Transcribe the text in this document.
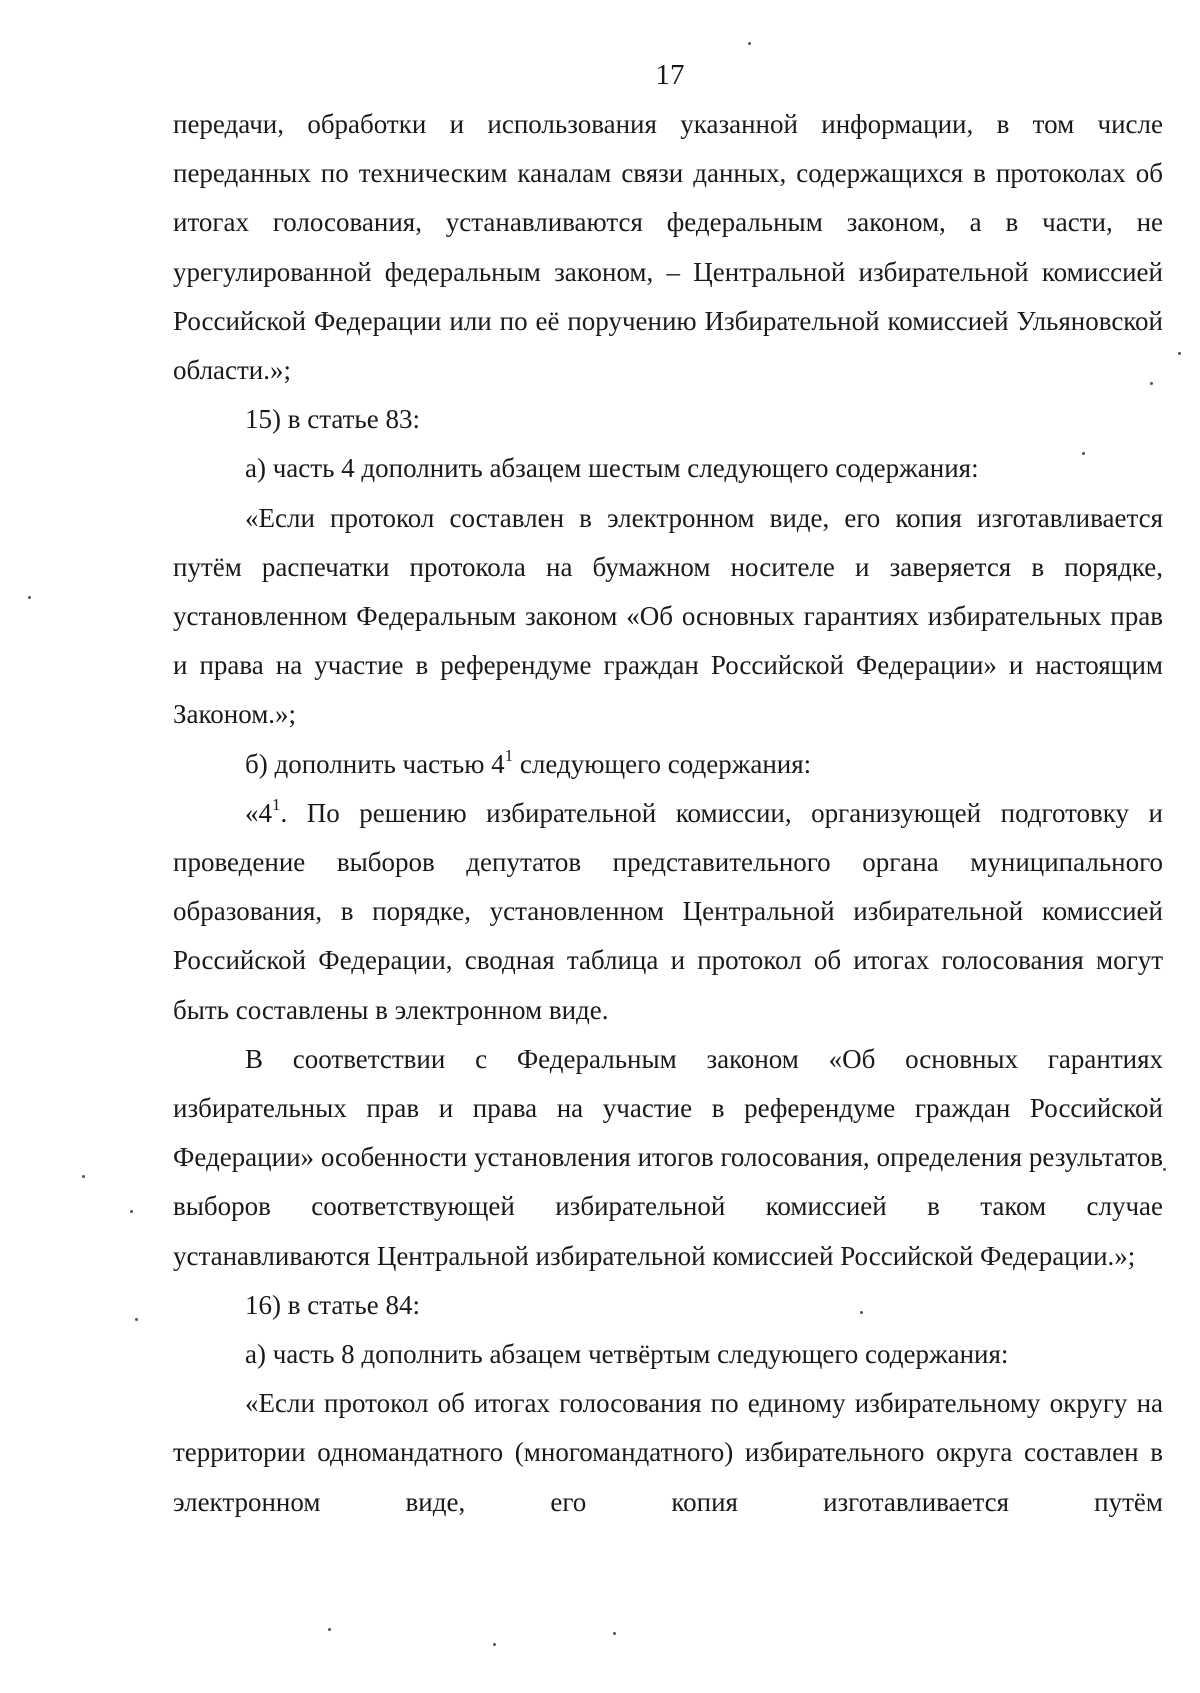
17

передачи, обработки и использования указанной информации, в том числе переданных по техническим каналам связи данных, содержащихся в протоколах об итогах голосования, устанавливаются федеральным законом, а в части, не урегулированной федеральным законом, – Центральной избирательной комиссией Российской Федерации или по её поручению Избирательной комиссией Ульяновской области.»;

15) в статье 83:

а) часть 4 дополнить абзацем шестым следующего содержания:

«Если протокол составлен в электронном виде, его копия изготавливается путём распечатки протокола на бумажном носителе и заверяется в порядке, установленном Федеральным законом «Об основных гарантиях избирательных прав и права на участие в референдуме граждан Российской Федерации» и настоящим Законом.»;

б) дополнить частью $4^1$ следующего содержания:

«$4^1$. По решению избирательной комиссии, организующей подготовку и проведение выборов депутатов представительного органа муниципального образования, в порядке, установленном Центральной избирательной комиссией Российской Федерации, сводная таблица и протокол об итогах голосования могут быть составлены в электронном виде.

В соответствии с Федеральным законом «Об основных гарантиях избирательных прав и права на участие в референдуме граждан Российской Федерации» особенности установления итогов голосования, определения результатов выборов соответствующей избирательной комиссией в таком случае устанавливаются Центральной избирательной комиссией Российской Федерации.»;

16) в статье 84:

а) часть 8 дополнить абзацем четвёртым следующего содержания:

«Если протокол об итогах голосования по единому избирательному округу на территории одномандатного (многомандатного) избирательного округа составлен в электронном виде, его копия изготавливается путём
